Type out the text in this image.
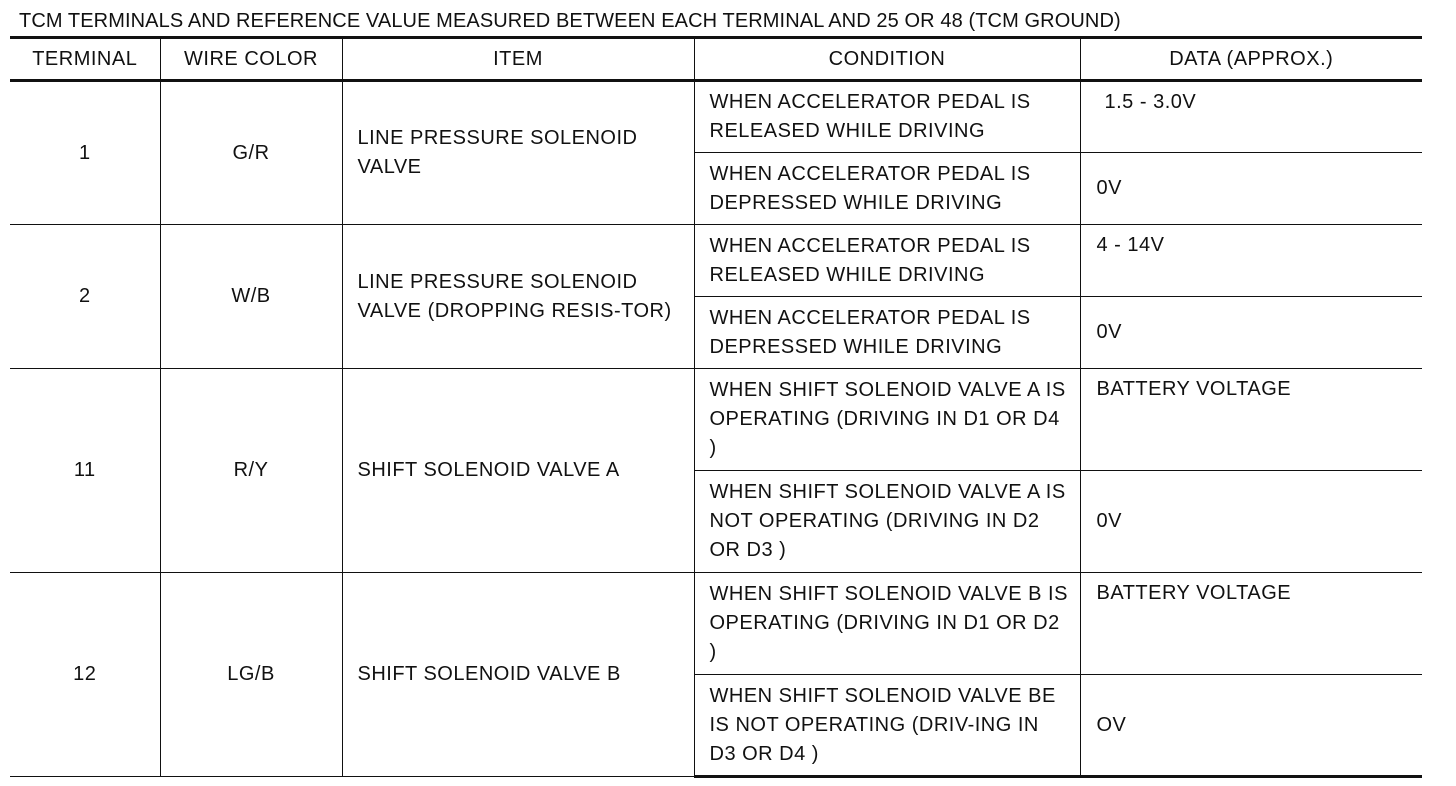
TCM TERMINALS AND REFERENCE VALUE MEASURED BETWEEN EACH TERMINAL AND 25 OR 48 (TCM GROUND)
TERMINAL	WIRE COLOR	ITEM	CONDITION	DATA (APPROX.)
1	G/R	LINE PRESSURE SOLENOID VALVE	WHEN ACCELERATOR PEDAL IS RELEASED WHILE DRIVING	1.5 - 3.0V
			WHEN ACCELERATOR PEDAL IS DEPRESSED WHILE DRIVING	0V
2	W/B	LINE PRESSURE SOLENOID VALVE (DROPPING RESIS-TOR)	WHEN ACCELERATOR PEDAL IS RELEASED WHILE DRIVING	4 - 14V
			WHEN ACCELERATOR PEDAL IS DEPRESSED WHILE DRIVING	0V
11	R/Y	SHIFT SOLENOID VALVE A	WHEN SHIFT SOLENOID VALVE A IS OPERATING (DRIVING IN D1 OR D4 )	BATTERY VOLTAGE
			WHEN SHIFT SOLENOID VALVE A IS NOT OPERATING (DRIVING IN D2 OR D3 )	0V
12	LG/B	SHIFT SOLENOID VALVE B	WHEN SHIFT SOLENOID VALVE B IS OPERATING (DRIVING IN D1 OR D2 )	BATTERY VOLTAGE
			WHEN SHIFT SOLENOID VALVE BE IS NOT OPERATING (DRIV-ING IN D3 OR D4 )	OV
